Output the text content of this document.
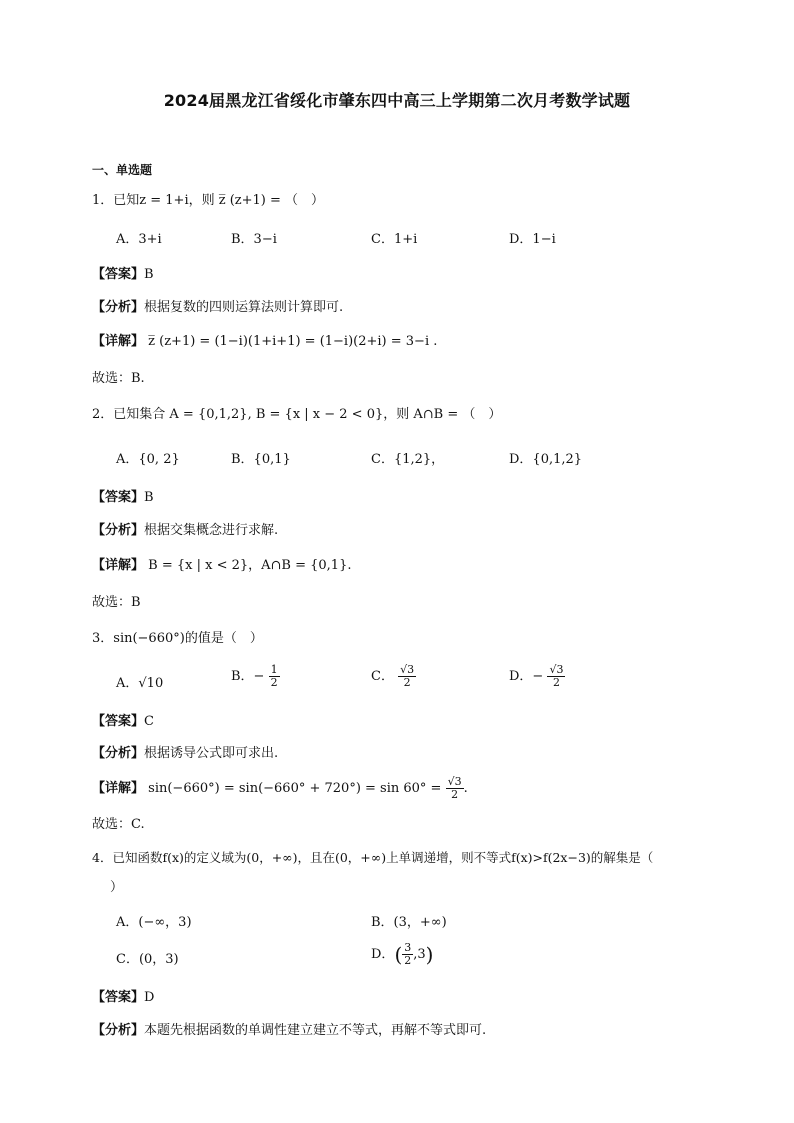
2024届黑龙江省绥化市肇东四中高三上学期第二次月考数学试题
一、单选题
1．已知z = 1+i，则 z̅ (z+1) = （　）
A．3+i	B．3−i	C．1+i	D．1−i
【答案】B
【分析】根据复数的四则运算法则计算即可.
【详解】 z̅ (z+1) = (1−i)(1+i+1) = (1−i)(2+i) = 3−i .
故选：B.
2．已知集合 A = {0,1,2}, B = {x | x − 2 < 0}，则 A∩B = （　）
A．{0, 2}	B．{0,1}	C．{1,2}，	D．{0,1,2}
【答案】B
【分析】根据交集概念进行求解.
【详解】 B = {x | x < 2}，A∩B = {0,1}.
故选：B
3．sin(−660°)的值是（　）
A．√10	B．− $\frac{1}{2}$	C． $\frac{√3}{2}$	D．− $\frac{√3}{2}$
【答案】C
【分析】根据诱导公式即可求出.
【详解】 $\sin(-660^\circ) = \sin(-660^\circ + 720^\circ) = \sin 60^\circ = \frac{√3}{2}$ .
故选：C.
4．已知函数f(x)的定义域为(0，+∞)，且在(0，+∞)上单调递增，则不等式f(x)>f(2x−3)的解集是（
）
A．(−∞，3)	B．(3，+∞)
C．(0，3)	D．( $\frac{3}{2} ,3$)
【答案】D
【分析】本题先根据函数的单调性建立建立不等式，再解不等式即可.
